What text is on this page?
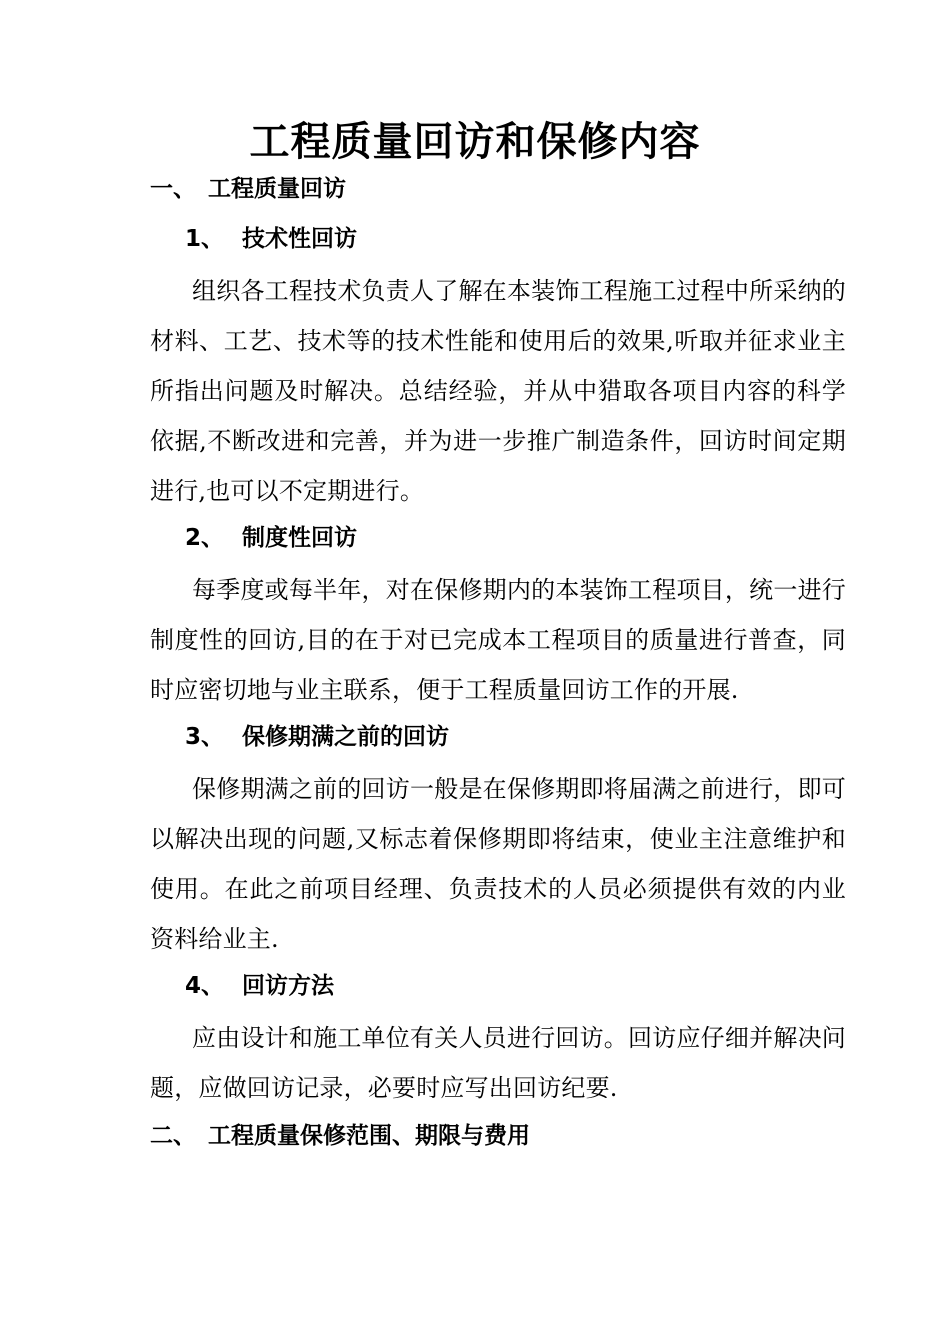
工程质量回访和保修内容
一、 工程质量回访
1、 技术性回访
组织各工程技术负责人了解在本装饰工程施工过程中所采纳的材料、工艺、技术等的技术性能和使用后的效果,听取并征求业主所指出问题及时解决。总结经验，并从中猎取各项目内容的科学依据,不断改进和完善，并为进一步推广制造条件，回访时间定期进行,也可以不定期进行。
2、 制度性回访
每季度或每半年，对在保修期内的本装饰工程项目，统一进行制度性的回访,目的在于对已完成本工程项目的质量进行普查，同时应密切地与业主联系，便于工程质量回访工作的开展.
3、 保修期满之前的回访
保修期满之前的回访一般是在保修期即将届满之前进行，即可以解决出现的问题,又标志着保修期即将结束，使业主注意维护和使用。在此之前项目经理、负责技术的人员必须提供有效的内业资料给业主.
4、 回访方法
应由设计和施工单位有关人员进行回访。回访应仔细并解决问题，应做回访记录，必要时应写出回访纪要.
二、 工程质量保修范围、期限与费用
